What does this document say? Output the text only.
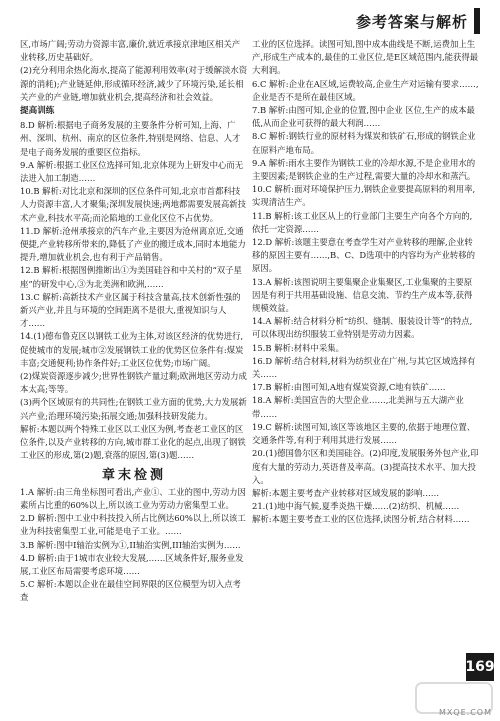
参考答案与解析

区,市场广阔;劳动力资源丰富,廉价,就近承接京津地区相关产业转移,历史基础好。

(2)充分利用余热化海水,提高了能源利用效率(对于缓解淡水资源的消耗);产业链延伸,形成循环经济,减少了环境污染,延长相关产业的产业链,增加就业机会,提高经济和社会效益。

提高训练

8.D 解析:根据电子商务发展的主要条件分析可知,上海、广州、深圳、杭州、南京的区位条件,特别是网络、信息、人才是电子商务发展的重要区位指标。

9.A 解析:根据工业区位选择可知,北京体现为上研发中心而无法进入加工制造……

10.B 解析:对比北京和深圳的区位条件可知,北京市首都科技人力资源丰富,人才聚集;深圳发展快速;两地都需要发展高新技术产业,科技水平高;而沦陷地的工业化区位不占优势。

11.D 解析:沧州承接京的汽车产业,主要因为沧州离京近,交通便捷,产业转移所带来的,降低了产业的搬迁成本,同时本地能力提升,增加就业机会,也有利于产品销售。

12.B 解析:根据图例推断出①为美国硅谷和中关村的“双子星座”的研发中心,③为北美洲和欧洲,……

13.C 解析:高新技术产业区属于科技含量高,技术创新性强的新兴产业,并且与环境的空间距离不是很大,重视知识与人才……

14.(1)德布鲁克区以钢铁工业为主体,对该区经济的优势进行,促使城市的发展;城市②发展钢铁工业的优势区位条件有:煤炭丰富;交通便利;协作条件好;工业区位优势;市场广阔。

(2)煤炭资源逐步减少;世界性钢铁产量过剩;欧洲地区劳动力成本太高;等等。

(3)两个区域原有的共同性;在钢铁工业方面的优势,大力发展新兴产业;治理环境污染;拓展交通;加强科技研发能力。

解析:本题以两个特殊工业区以工业区为例,考查老工业区的区位条件,以及产业转移的方向,城市群工业化的起点,出现了钢铁工业区的形成,第(2)题,衰落的原因,第(3)题……

章末检测

1.A 解析:由三角坐标图可看出,产业①、工业的图中,劳动力因素所占比重的60%以上,所以该工业为劳动力密集型工业。

2.D 解析:图中工业中科技投入所占比例达60%以上,所以该工业为科技密集型工业,可能是电子工业。……

3.B 解析:图中I轴治实例为①,II轴治实例,III轴治实例为……

4.D 解析:由于1城市农业较大发展,……区域条件好,服务业发展,工业区布局需要考虑环境……

5.C 解析:本题以企业在最佳空间界限的区位模型为切入点考查

工业的区位选择。读图可知,图中成本曲线是不断,运费加上生产,形成生产成本的,最佳的工业区位,是E区域范围内,能获得最大利润。

6.C 解析:企业在A区域,运费较高,企业生产对运输有要求……,企业是否不是所在最佳区域。

7.B 解析:由图可知,企业的位置,图中企业 区位,生产的成本最低,从而企业可获得的最大利润……

8.C 解析:钢铁行业的原材料为煤炭和铁矿石,形成的钢铁企业在原料产地布局。

9.A 解析:雨水主要作为钢铁工业的冷却水源,不是企业用水的主要因素;是钢铁企业的生产过程,需要大量的冷却水和蒸汽。

10.C 解析:面对环境保护压力,钢铁企业要提高原料的利用率,实现清洁生产。

11.B 解析:该工业区从上的行业部门主要生产向各个方向的,依托一定资源……

12.D 解析:该题主要意在考查学生对产业转移的理解,企业转移的原因主要有……,B、C、D选项中的内容均为产业转移的原因。

13.A 解析:该图说明主要集聚企业集聚区,工业集聚的主要原因是有利于共用基础设施、信息交流、节约生产成本等,获得规模效益。

14.A 解析:结合材料分析“纺织、缝制、服装设计等”的特点,可以体现出纺织服装工业特别是劳动力因素。

15.B 解析:材料中采集。

16.D 解析:结合材料,材料为纺织业在广州,与其它区域选择有关……

17.B 解析:由图可知,A地有煤炭资源,C地有铁矿……

18.A 解析:美国宣告的大型企业……,北美洲与五大湖产业带……

19.C 解析:读图可知,该区等该地区主要的,依据于地理位置、交通条件等,有利于利用其进行发展……

20.(1)德国鲁尔区和美国硅谷。(2)印度,发展服务外包产业,印度有大量的劳动力,英语普及率高。(3)提高技术水平、加大投入。

解析:本题主要考查产业转移对区域发展的影响……

21.(1)地中海气候,夏季炎热干燥……(2)纺织、机械……

解析:本题主要考查工业的区位选择,读图分析,结合材料……

169
MXQE.COM
